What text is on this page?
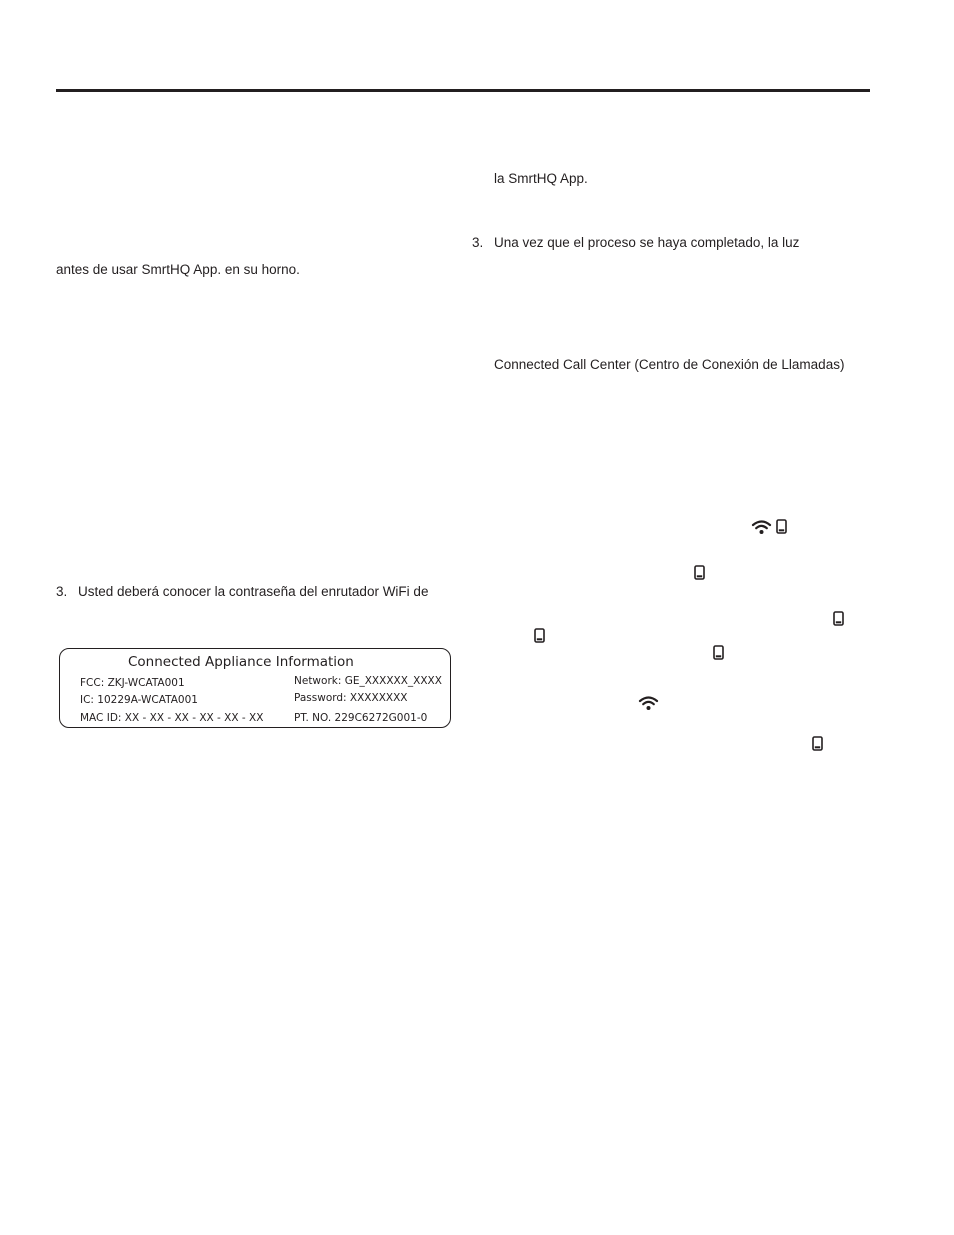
antes de usar SmrtHQ App. en su horno.
3. Usted deberá conocer la contraseña del enrutador WiFi de
Connected Appliance Information
FCC: ZKJ-WCATA001
IC: 10229A-WCATA001
MAC ID: XX - XX - XX - XX - XX - XX
Network: GE_XXXXXX_XXXX
Password: XXXXXXXX
PT. NO. 229C6272G001-0
la SmrtHQ App.
3. Una vez que el proceso se haya completado, la luz
Connected Call Center (Centro de Conexión de Llamadas)
